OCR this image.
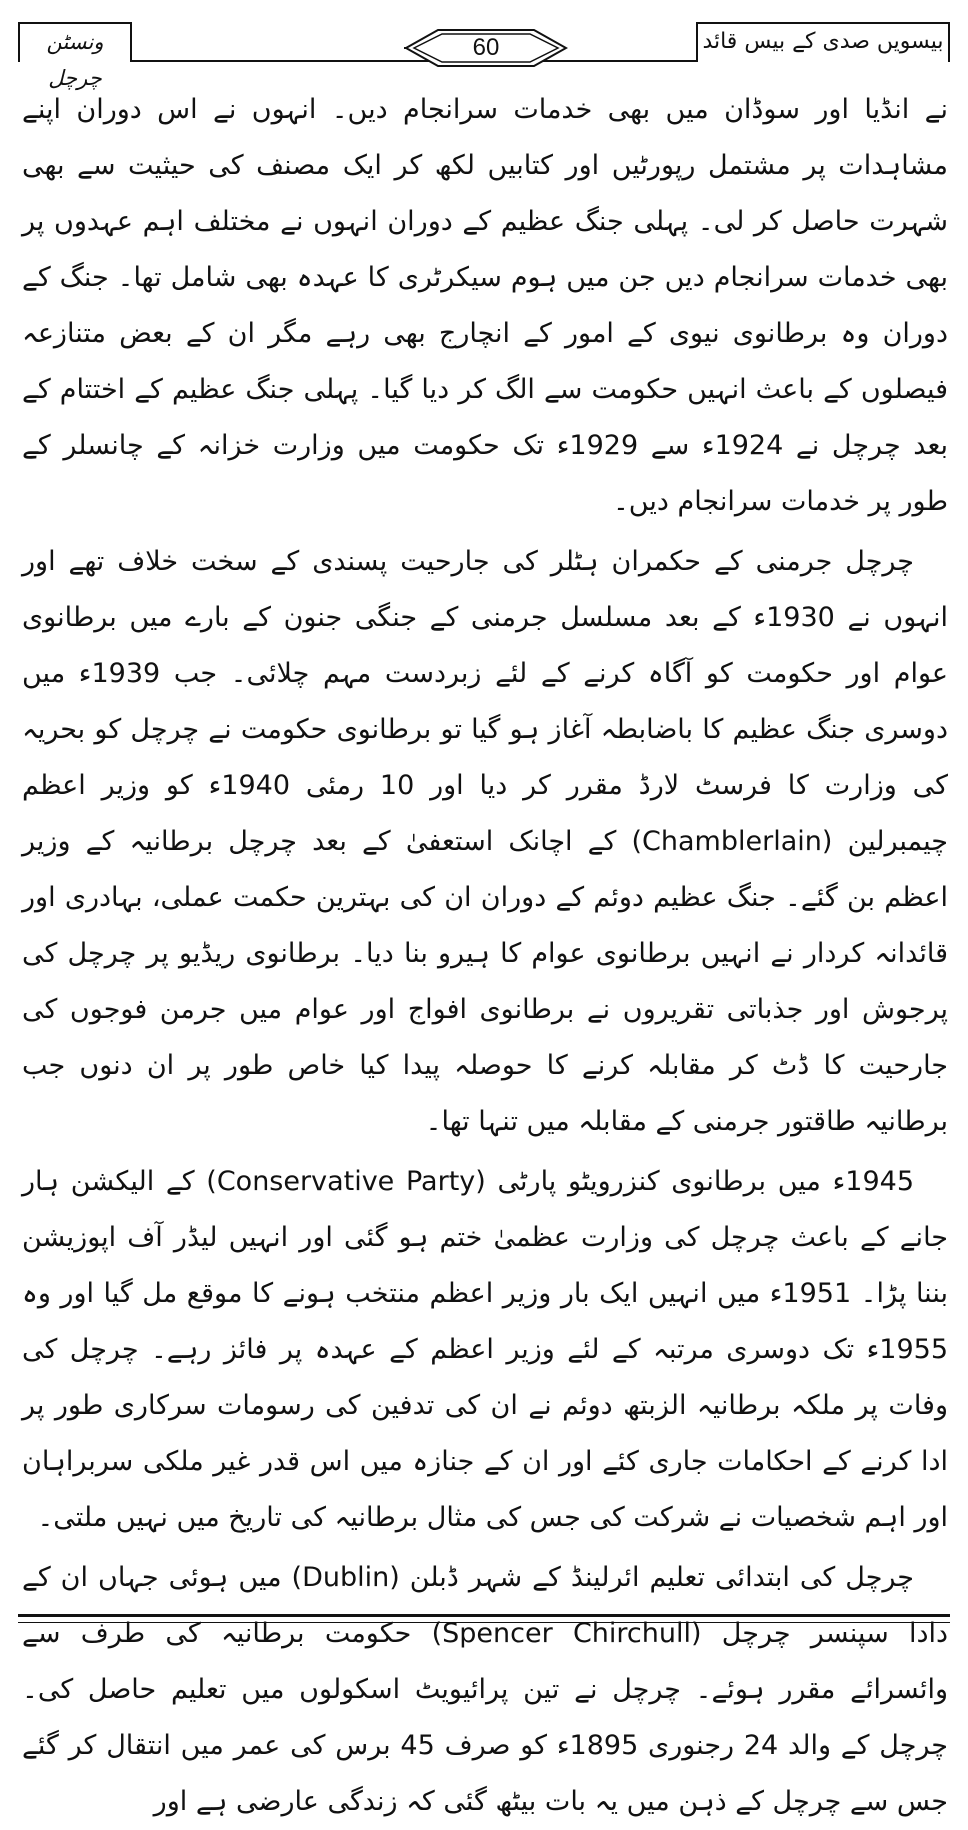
بیسویں صدی کے بیس قائد
60
ونسٹن چرچل

نے انڈیا اور سوڈان میں بھی خدمات سرانجام دیں۔ انہوں نے اس دوران اپنے مشاہدات پر مشتمل رپورٹیں اور کتابیں لکھ کر ایک مصنف کی حیثیت سے بھی شہرت حاصل کر لی۔ پہلی جنگ عظیم کے دوران انہوں نے مختلف اہم عہدوں پر بھی خدمات سرانجام دیں جن میں ہوم سیکرٹری کا عہدہ بھی شامل تھا۔ جنگ کے دوران وہ برطانوی نیوی کے امور کے انچارج بھی رہے مگر ان کے بعض متنازعہ فیصلوں کے باعث انہیں حکومت سے الگ کر دیا گیا۔ پہلی جنگ عظیم کے اختتام کے بعد چرچل نے 1924ء سے 1929ء تک حکومت میں وزارت خزانہ کے چانسلر کے طور پر خدمات سرانجام دیں۔

چرچل جرمنی کے حکمران ہٹلر کی جارحیت پسندی کے سخت خلاف تھے اور انہوں نے 1930ء کے بعد مسلسل جرمنی کے جنگی جنون کے بارے میں برطانوی عوام اور حکومت کو آگاہ کرنے کے لئے زبردست مہم چلائی۔ جب 1939ء میں دوسری جنگ عظیم کا باضابطہ آغاز ہو گیا تو برطانوی حکومت نے چرچل کو بحریہ کی وزارت کا فرسٹ لارڈ مقرر کر دیا اور 10 رمئی 1940ء کو وزیر اعظم چیمبرلین (Chamblerlain) کے اچانک استعفیٰ کے بعد چرچل برطانیہ کے وزیر اعظم بن گئے۔ جنگ عظیم دوئم کے دوران ان کی بہترین حکمت عملی، بہادری اور قائدانہ کردار نے انہیں برطانوی عوام کا ہیرو بنا دیا۔ برطانوی ریڈیو پر چرچل کی پرجوش اور جذباتی تقریروں نے برطانوی افواج اور عوام میں جرمن فوجوں کی جارحیت کا ڈٹ کر مقابلہ کرنے کا حوصلہ پیدا کیا خاص طور پر ان دنوں جب برطانیہ طاقتور جرمنی کے مقابلہ میں تنہا تھا۔

1945ء میں برطانوی کنزرویٹو پارٹی (Conservative Party) کے الیکشن ہار جانے کے باعث چرچل کی وزارت عظمیٰ ختم ہو گئی اور انہیں لیڈر آف اپوزیشن بننا پڑا۔ 1951ء میں انہیں ایک بار وزیر اعظم منتخب ہونے کا موقع مل گیا اور وہ 1955ء تک دوسری مرتبہ کے لئے وزیر اعظم کے عہدہ پر فائز رہے۔ چرچل کی وفات پر ملکہ برطانیہ الزبتھ دوئم نے ان کی تدفین کی رسومات سرکاری طور پر ادا کرنے کے احکامات جاری کئے اور ان کے جنازہ میں اس قدر غیر ملکی سربراہان اور اہم شخصیات نے شرکت کی جس کی مثال برطانیہ کی تاریخ میں نہیں ملتی۔

چرچل کی ابتدائی تعلیم ائرلینڈ کے شہر ڈبلن (Dublin) میں ہوئی جہاں ان کے دادا سپنسر چرچل (Spencer Chirchull) حکومت برطانیہ کی طرف سے وائسرائے مقرر ہوئے۔ چرچل نے تین پرائیویٹ اسکولوں میں تعلیم حاصل کی۔ چرچل کے والد 24 رجنوری 1895ء کو صرف 45 برس کی عمر میں انتقال کر گئے جس سے چرچل کے ذہن میں یہ بات بیٹھ گئی کہ زندگی عارضی ہے اور
